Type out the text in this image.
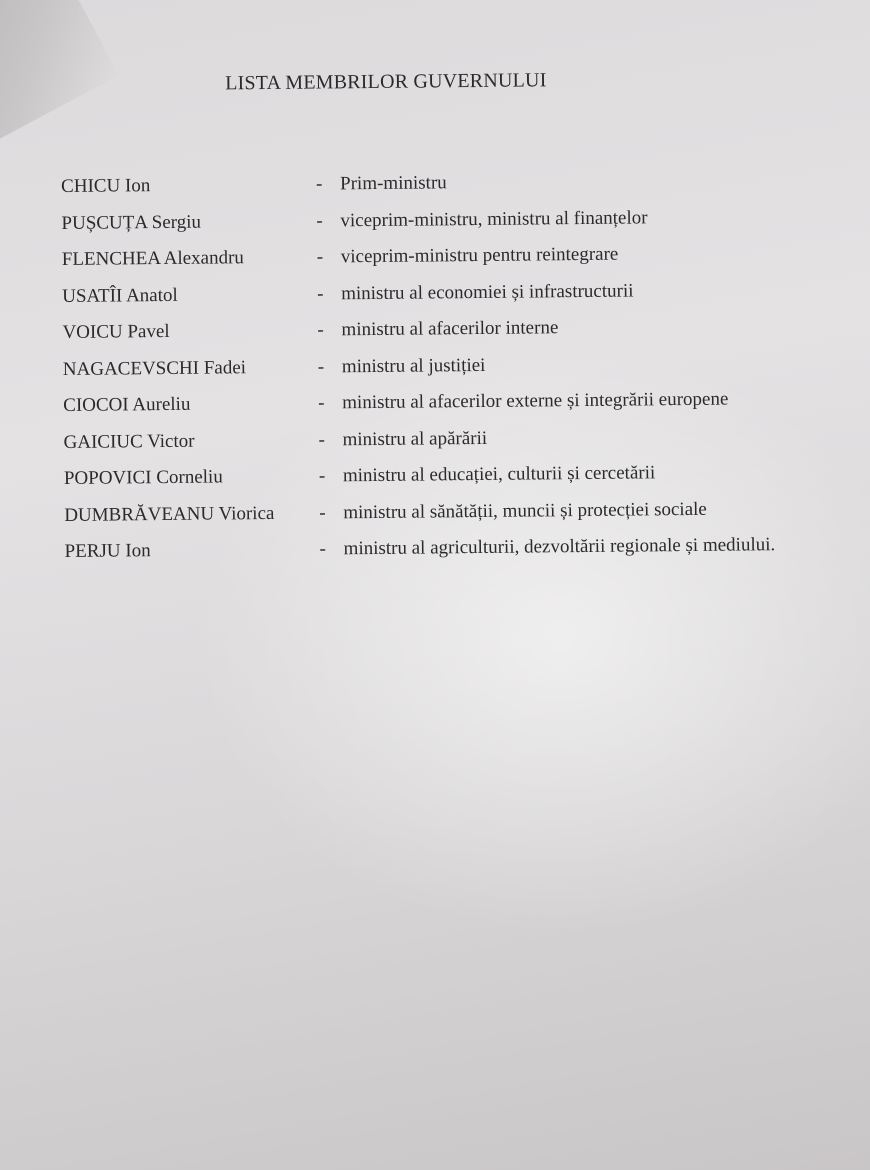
LISTA MEMBRILOR GUVERNULUI
CHICU Ion	- Prim-ministru
PUȘCUȚA Sergiu	- viceprim-ministru, ministru al finanțelor
FLENCHEA Alexandru	- viceprim-ministru pentru reintegrare
USATÎI Anatol	- ministru al economiei și infrastructurii
VOICU Pavel	- ministru al afacerilor interne
NAGACEVSCHI Fadei	- ministru al justiției
CIOCOI Aureliu	- ministru al afacerilor externe și integrării europene
GAICIUC Victor	- ministru al apărării
POPOVICI Corneliu	- ministru al educației, culturii și cercetării
DUMBRĂVEANU Viorica	- ministru al sănătății, muncii și protecției sociale
PERJU Ion	- ministru al agriculturii, dezvoltării regionale și mediului.
